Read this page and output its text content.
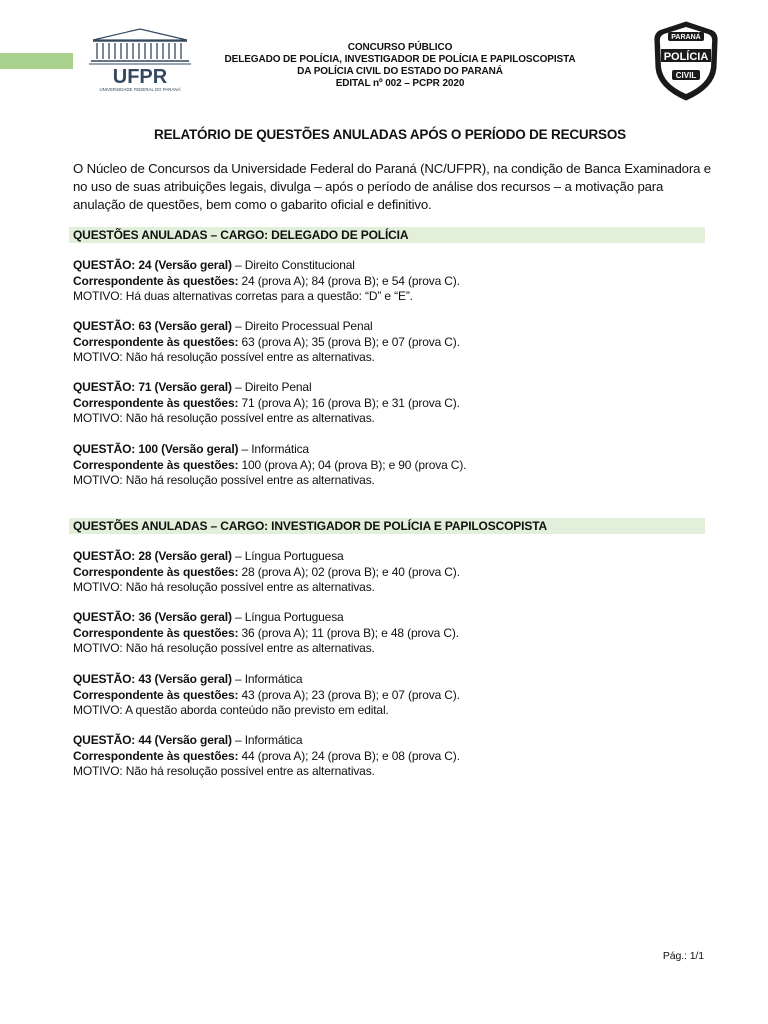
UFPR
UNIVERSIDADE FEDERAL DO PARANÁ
CONCURSO PÚBLICO
DELEGADO DE POLÍCIA, INVESTIGADOR DE POLÍCIA E PAPILOSCOPISTA
DA POLÍCIA CIVIL DO ESTADO DO PARANÁ
EDITAL nº 002 – PCPR 2020
PARANÁ
POLÍCIA
CIVIL
RELATÓRIO DE QUESTÕES ANULADAS APÓS O PERÍODO DE RECURSOS
O Núcleo de Concursos da Universidade Federal do Paraná (NC/UFPR), na condição de Banca Examinadora e no uso de suas atribuições legais, divulga – após o período de análise dos recursos – a motivação para anulação de questões, bem como o gabarito oficial e definitivo.
QUESTÕES ANULADAS – CARGO: DELEGADO DE POLÍCIA
QUESTÃO: 24 (Versão geral) – Direito Constitucional
Correspondente às questões: 24 (prova A); 84 (prova B); e 54 (prova C).
MOTIVO: Há duas alternativas corretas para a questão: “D” e “E”.
QUESTÃO: 63 (Versão geral) – Direito Processual Penal
Correspondente às questões: 63 (prova A); 35 (prova B); e 07 (prova C).
MOTIVO: Não há resolução possível entre as alternativas.
QUESTÃO: 71 (Versão geral) – Direito Penal
Correspondente às questões: 71 (prova A); 16 (prova B); e 31 (prova C).
MOTIVO: Não há resolução possível entre as alternativas.
QUESTÃO: 100 (Versão geral) – Informática
Correspondente às questões: 100 (prova A); 04 (prova B); e 90 (prova C).
MOTIVO: Não há resolução possível entre as alternativas.
QUESTÕES ANULADAS – CARGO: INVESTIGADOR DE POLÍCIA E PAPILOSCOPISTA
QUESTÃO: 28 (Versão geral) – Língua Portuguesa
Correspondente às questões: 28 (prova A); 02 (prova B); e 40 (prova C).
MOTIVO: Não há resolução possível entre as alternativas.
QUESTÃO: 36 (Versão geral) – Língua Portuguesa
Correspondente às questões: 36 (prova A); 11 (prova B); e 48 (prova C).
MOTIVO: Não há resolução possível entre as alternativas.
QUESTÃO: 43 (Versão geral) – Informática
Correspondente às questões: 43 (prova A); 23 (prova B); e 07 (prova C).
MOTIVO: A questão aborda conteúdo não previsto em edital.
QUESTÃO: 44 (Versão geral) – Informática
Correspondente às questões: 44 (prova A); 24 (prova B); e 08 (prova C).
MOTIVO: Não há resolução possível entre as alternativas.
Pág.: 1/1
